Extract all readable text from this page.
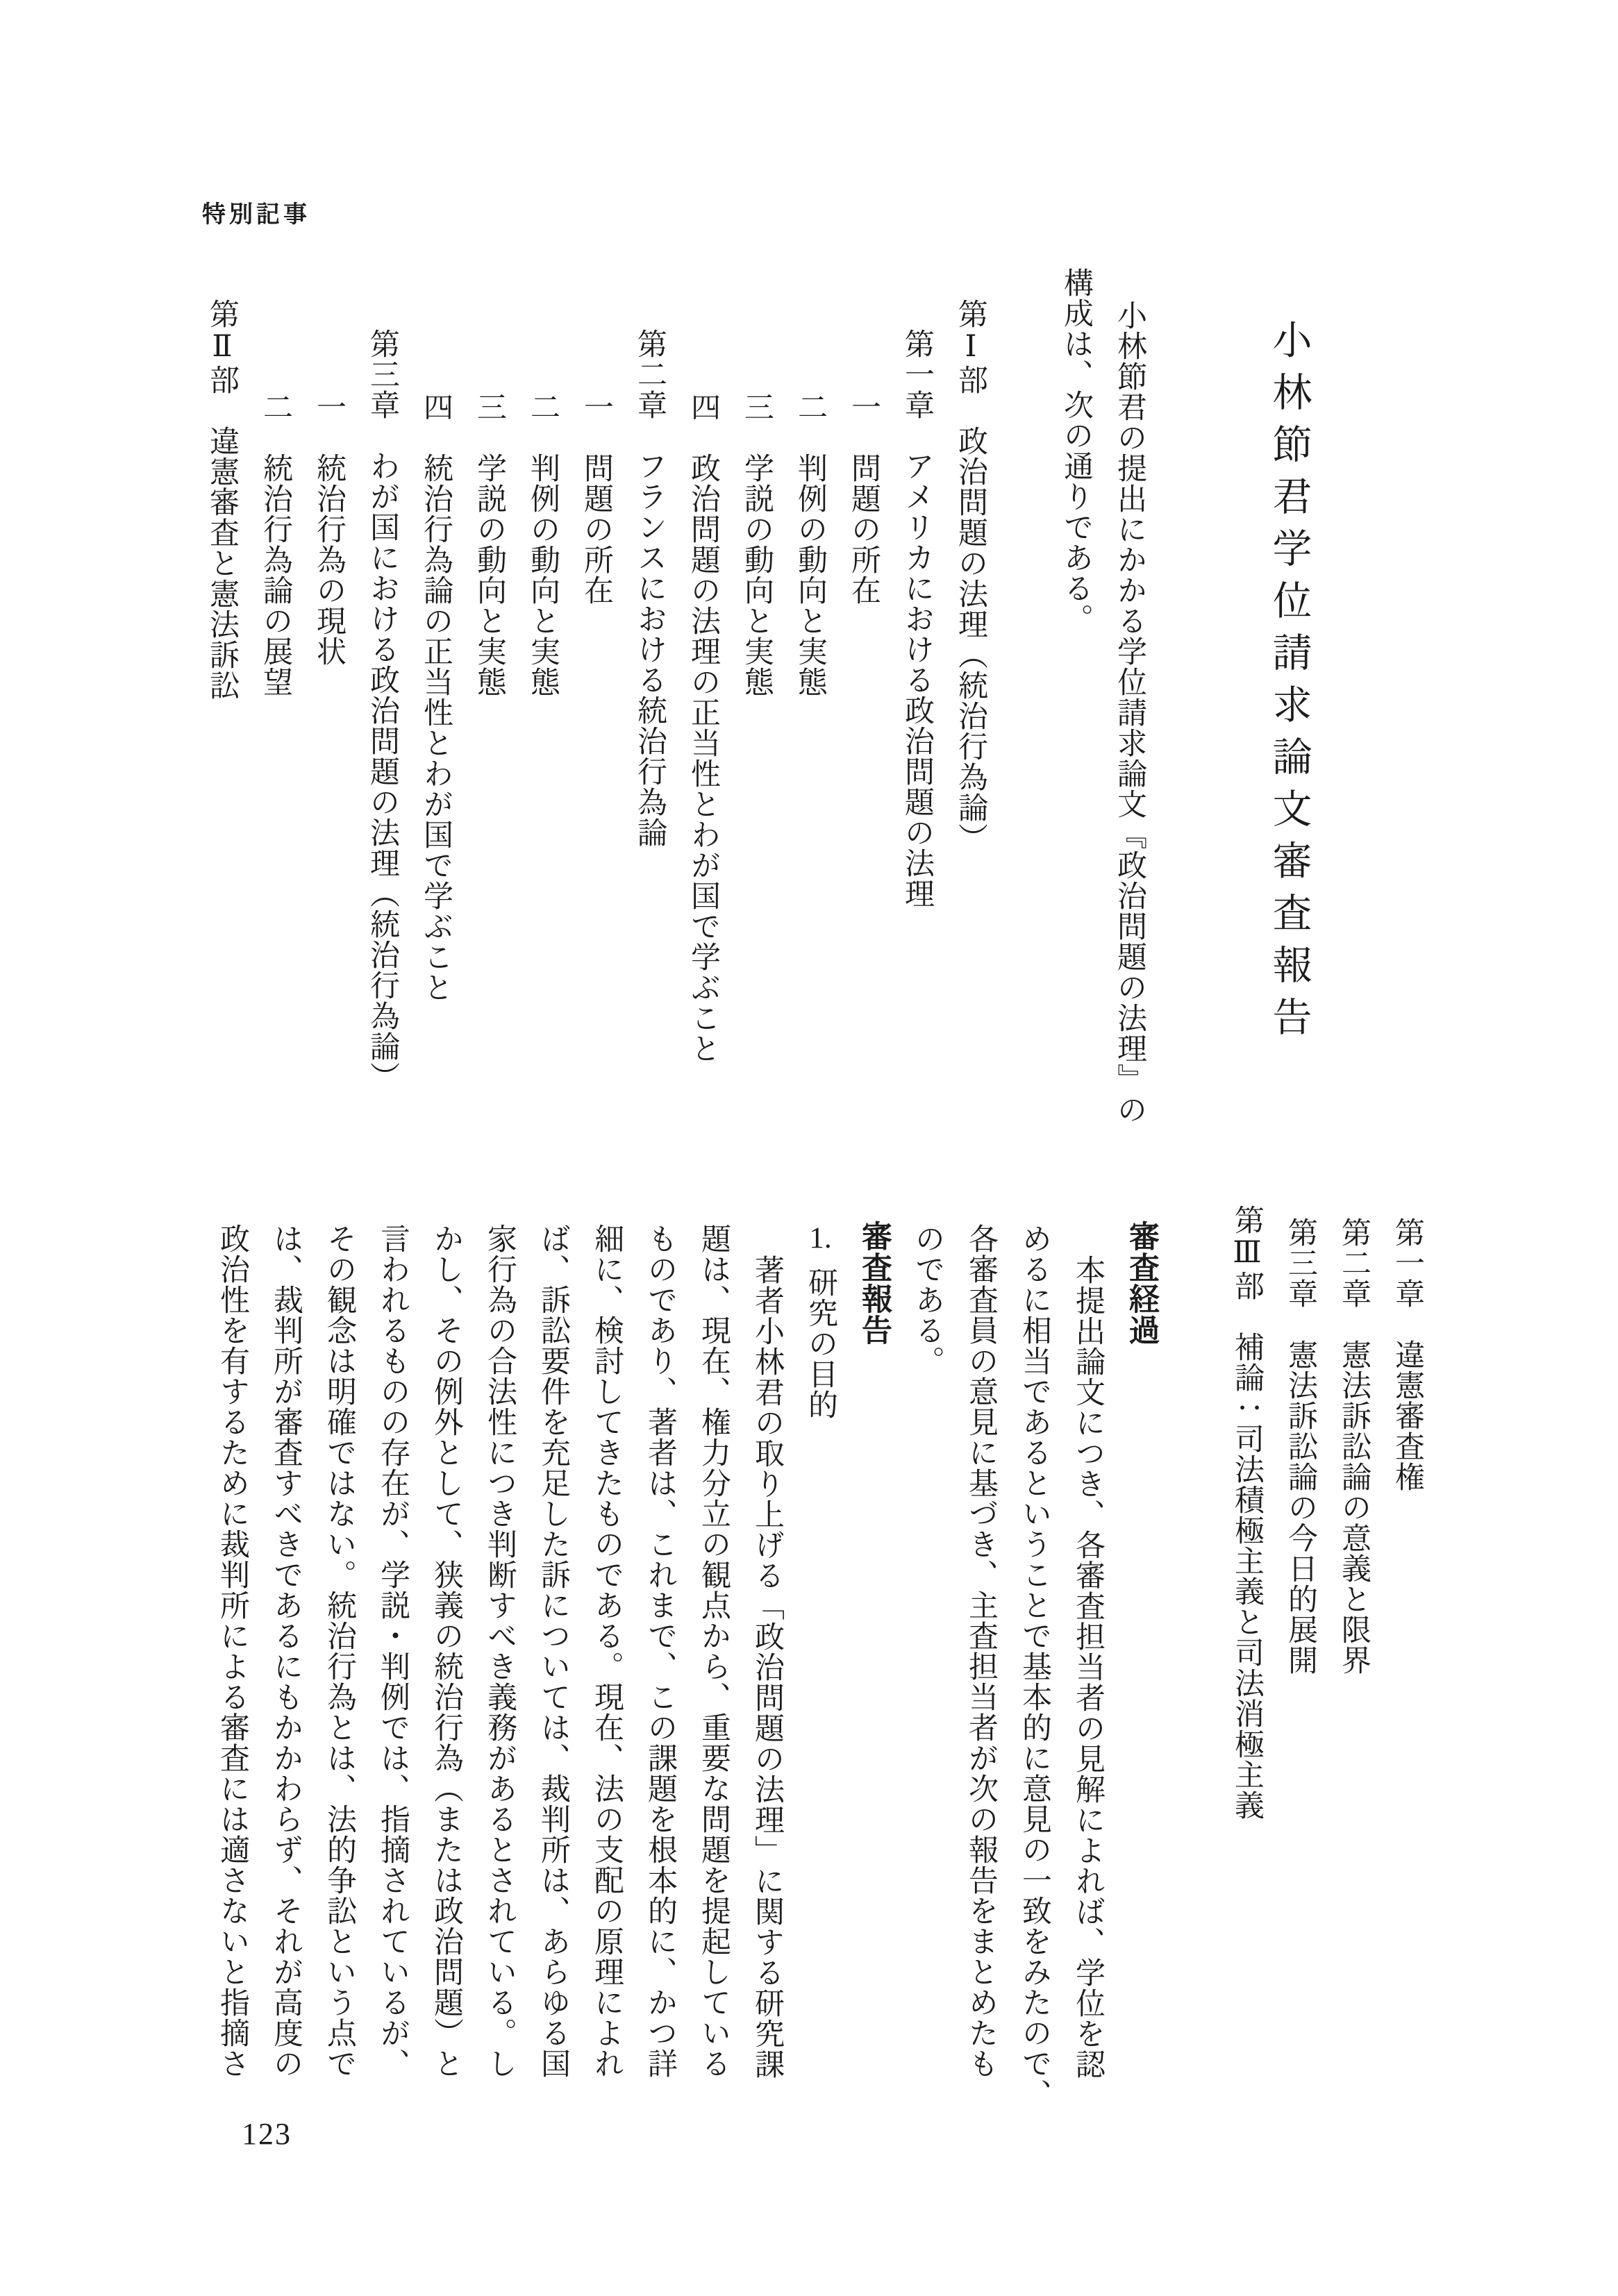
特別記事
小林節君学位請求論文審査報告

小林節君の提出にかかる学位請求論文『政治問題の法理』の

構成は、次の通りである。

第Ⅰ部　政治問題の法理（統治行為論）

第一章　アメリカにおける政治問題の法理

一　問題の所在

二　判例の動向と実態

三　学説の動向と実態

四　政治問題の法理の正当性とわが国で学ぶこと

第二章　フランスにおける統治行為論

一　問題の所在

二　判例の動向と実態

三　学説の動向と実態

四　統治行為論の正当性とわが国で学ぶこと

第三章　わが国における政治問題の法理（統治行為論）

一　統治行為の現状

二　統治行為論の展望

第Ⅱ部　違憲審査と憲法訴訟

第一章　違憲審査権

第二章　憲法訴訟論の意義と限界

第三章　憲法訴訟論の今日的展開

第Ⅲ部　補論：司法積極主義と司法消極主義

審査経過

本提出論文につき、各審査担当者の見解によれば、学位を認

めるに相当であるということで基本的に意見の一致をみたので、

各審査員の意見に基づき、主査担当者が次の報告をまとめたも

のである。

審査報告

1.研究の目的

著者小林君の取り上げる「政治問題の法理」に関する研究課

題は、現在、権力分立の観点から、重要な問題を提起している

ものであり、著者は、これまで、この課題を根本的に、かつ詳

細に、検討してきたものである。現在、法の支配の原理によれ

ば、訴訟要件を充足した訴については、裁判所は、あらゆる国

家行為の合法性につき判断すべき義務があるとされている。し

かし、その例外として、狭義の統治行為（または政治問題）と

言われるものの存在が、学説・判例では、指摘されているが、

その観念は明確ではない。統治行為とは、法的争訟という点で

は、裁判所が審査すべきであるにもかかわらず、それが高度の

政治性を有するために裁判所による審査には適さないと指摘さ

123
